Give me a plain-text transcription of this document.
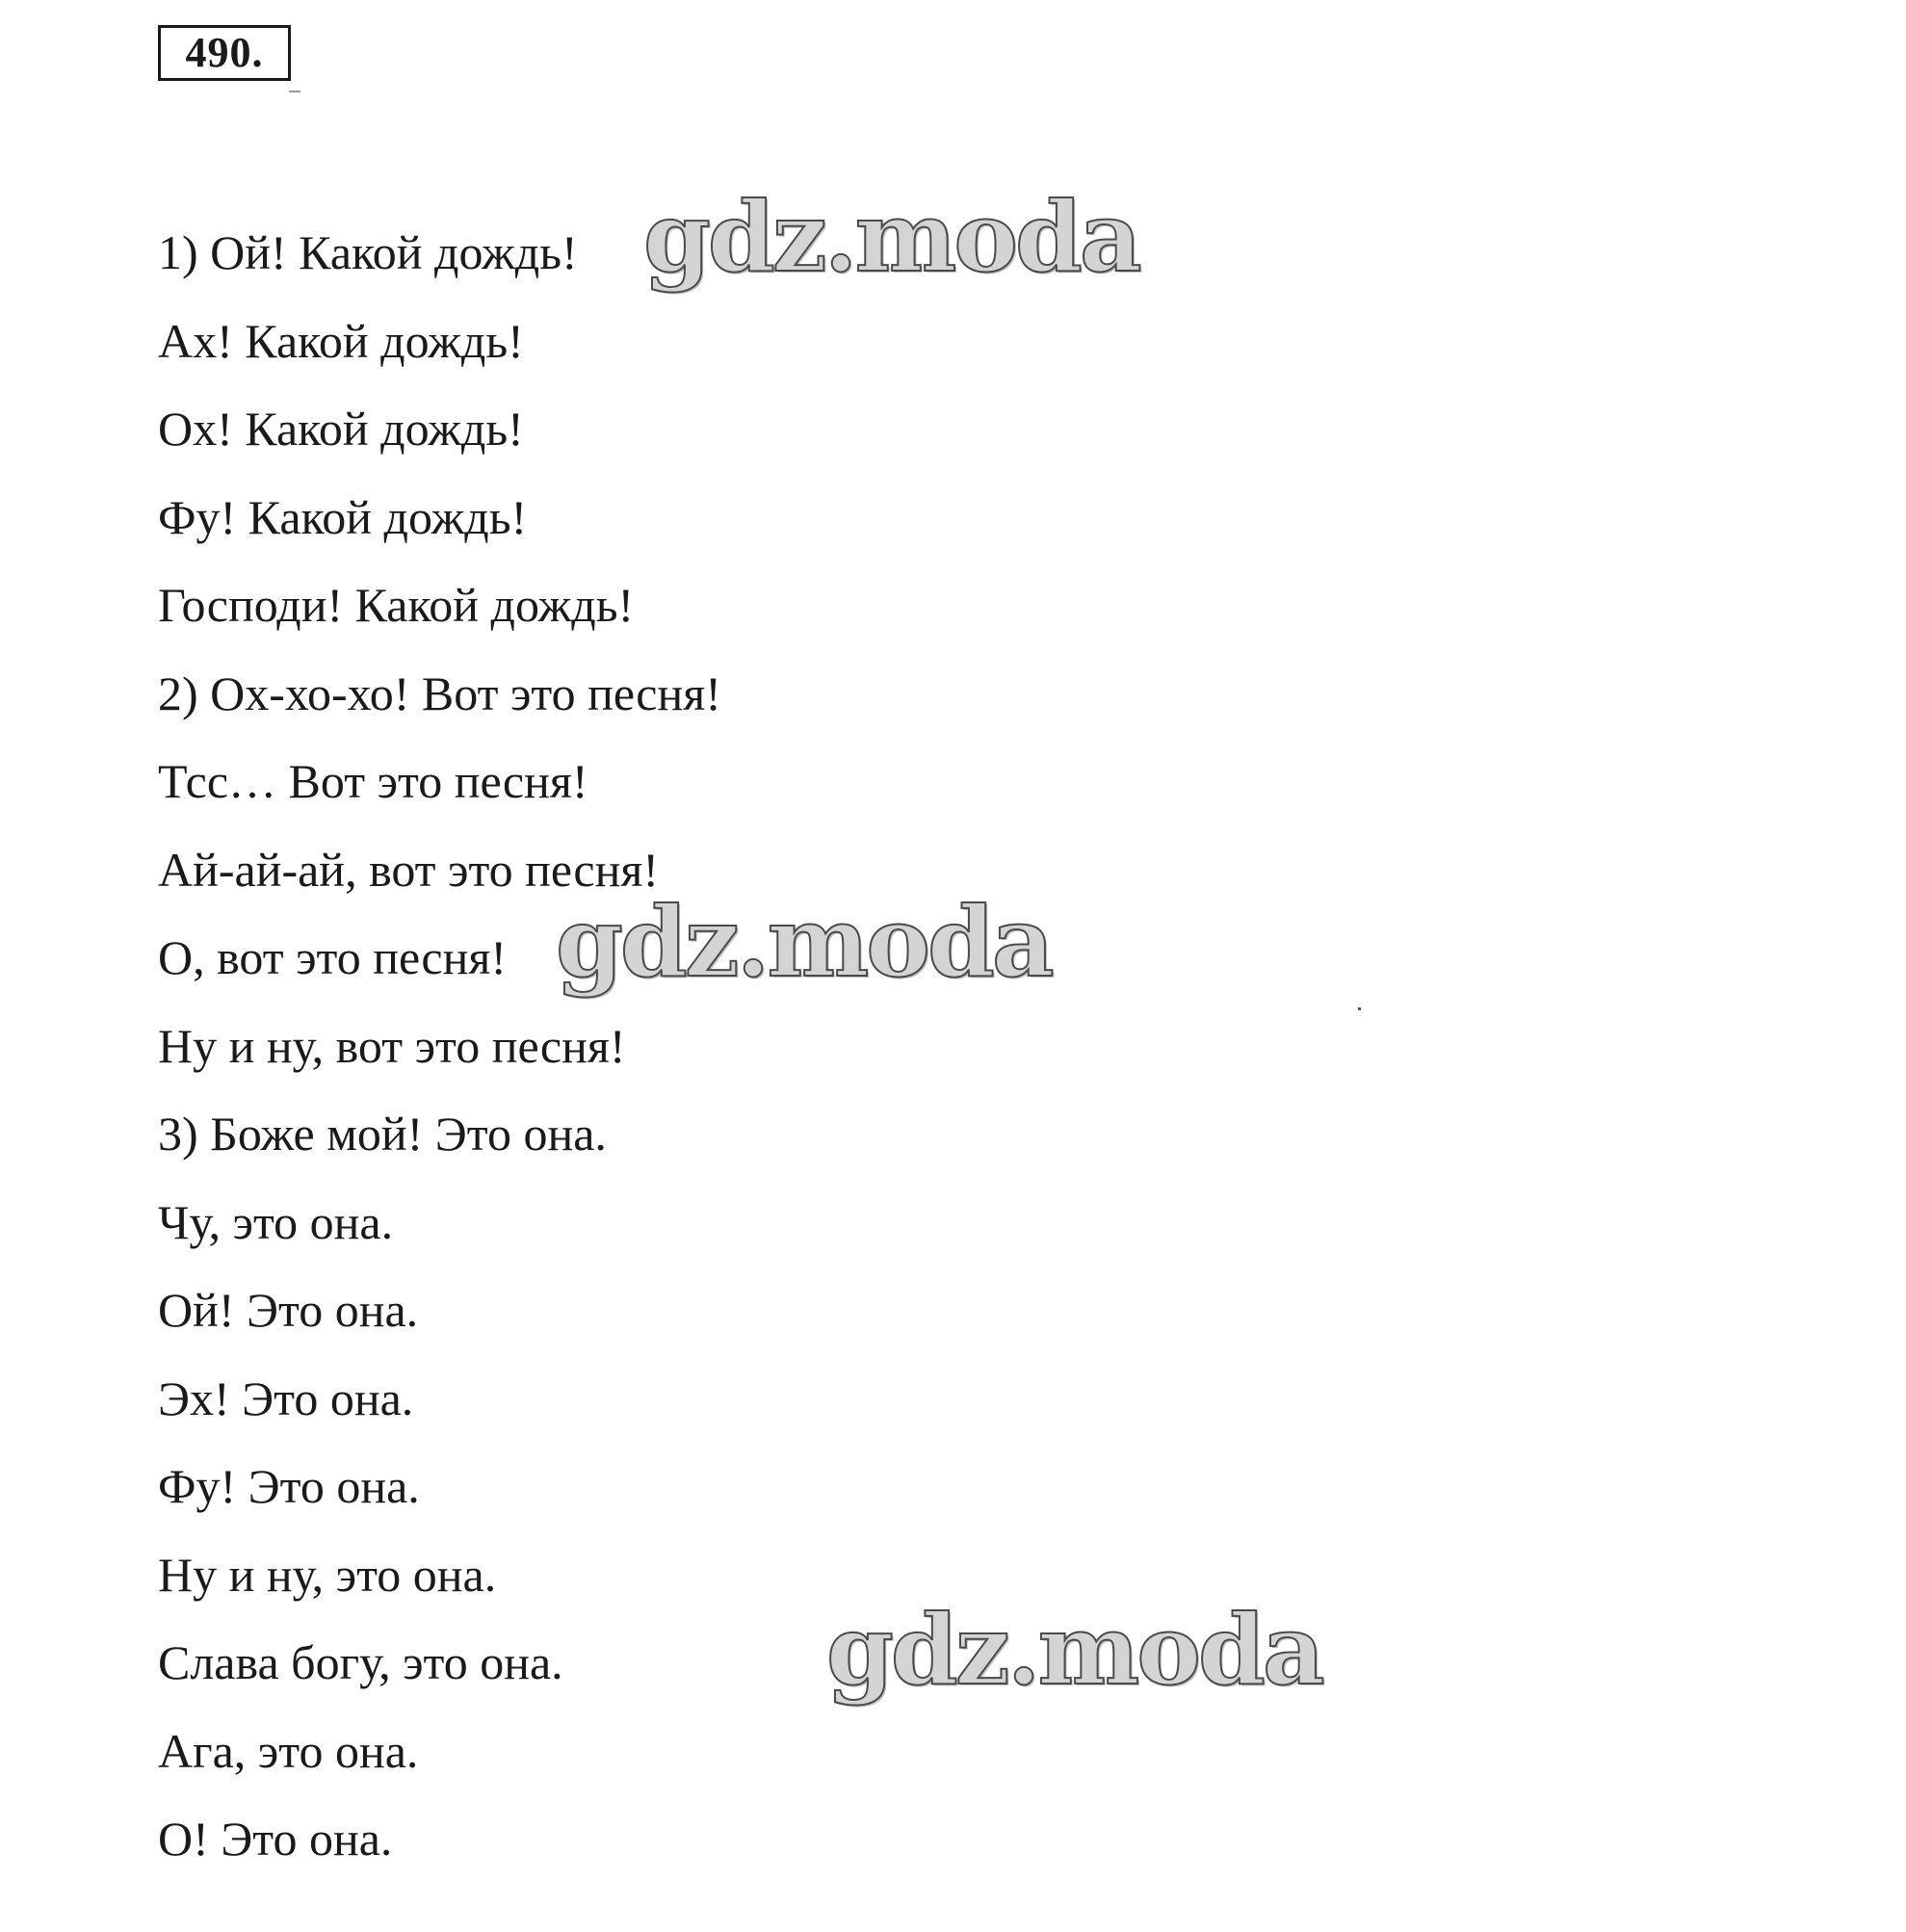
490.
1) Ой! Какой дождь!
Ах! Какой дождь!
Ох! Какой дождь!
Фу! Какой дождь!
Господи! Какой дождь!
2) Ох-хо-хо! Вот это песня!
Тсс… Вот это песня!
Ай-ай-ай, вот это песня!
О, вот это песня!
Ну и ну, вот это песня!
3) Боже мой! Это она.
Чу, это она.
Ой! Это она.
Эх! Это она.
Фу! Это она.
Ну и ну, это она.
Слава богу, это она.
Ага, это она.
О! Это она.
gdz.moda
gdz.moda
gdz.moda
